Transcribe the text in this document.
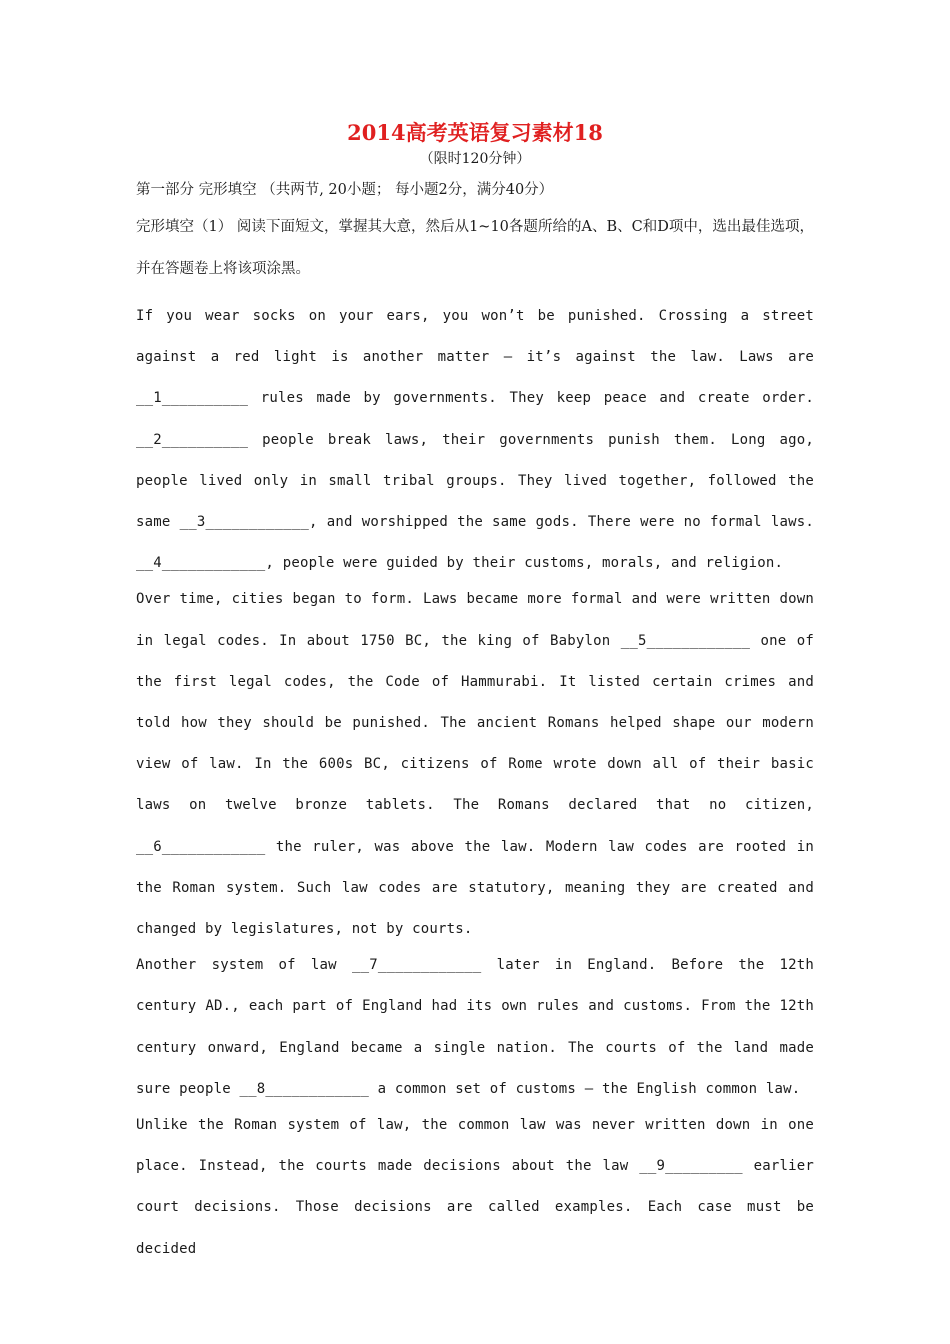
2014高考英语复习素材18

（限时120分钟）

第一部分 完形填空 （共两节, 20小题； 每小题2分，满分40分）

完形填空（1） 阅读下面短文，掌握其大意，然后从1~10各题所给的A、B、C和D项中，选出最佳选项，并在答题卷上将该项涂黑。

If you wear socks on your ears, you won’t be punished. Crossing a street against a red light is another matter — it’s against the law. Laws are __1__________ rules made by governments. They keep peace and create order. __2__________ people break laws, their governments punish them. Long ago, people lived only in small tribal groups. They lived together, followed the same __3____________, and worshipped the same gods. There were no formal laws. __4____________, people were guided by their customs, morals, and religion.

Over time, cities began to form. Laws became more formal and were written down in legal codes. In about 1750 BC, the king of Babylon __5____________ one of the first legal codes, the Code of Hammurabi. It listed certain crimes and told how they should be punished. The ancient Romans helped shape our modern view of law. In the 600s BC, citizens of Rome wrote down all of their basic laws on twelve bronze tablets. The Romans declared that no citizen, __6____________ the ruler, was above the law. Modern law codes are rooted in the Roman system. Such law codes are statutory, meaning they are created and changed by legislatures, not by courts.

Another system of law __7____________ later in England. Before the 12th century AD., each part of England had its own rules and customs. From the 12th century onward, England became a single nation. The courts of the land made sure people __8____________ a common set of customs — the English common law.

Unlike the Roman system of law, the common law was never written down in one place. Instead, the courts made decisions about the law __9_________ earlier court decisions. Those decisions are called examples. Each case must be decided
